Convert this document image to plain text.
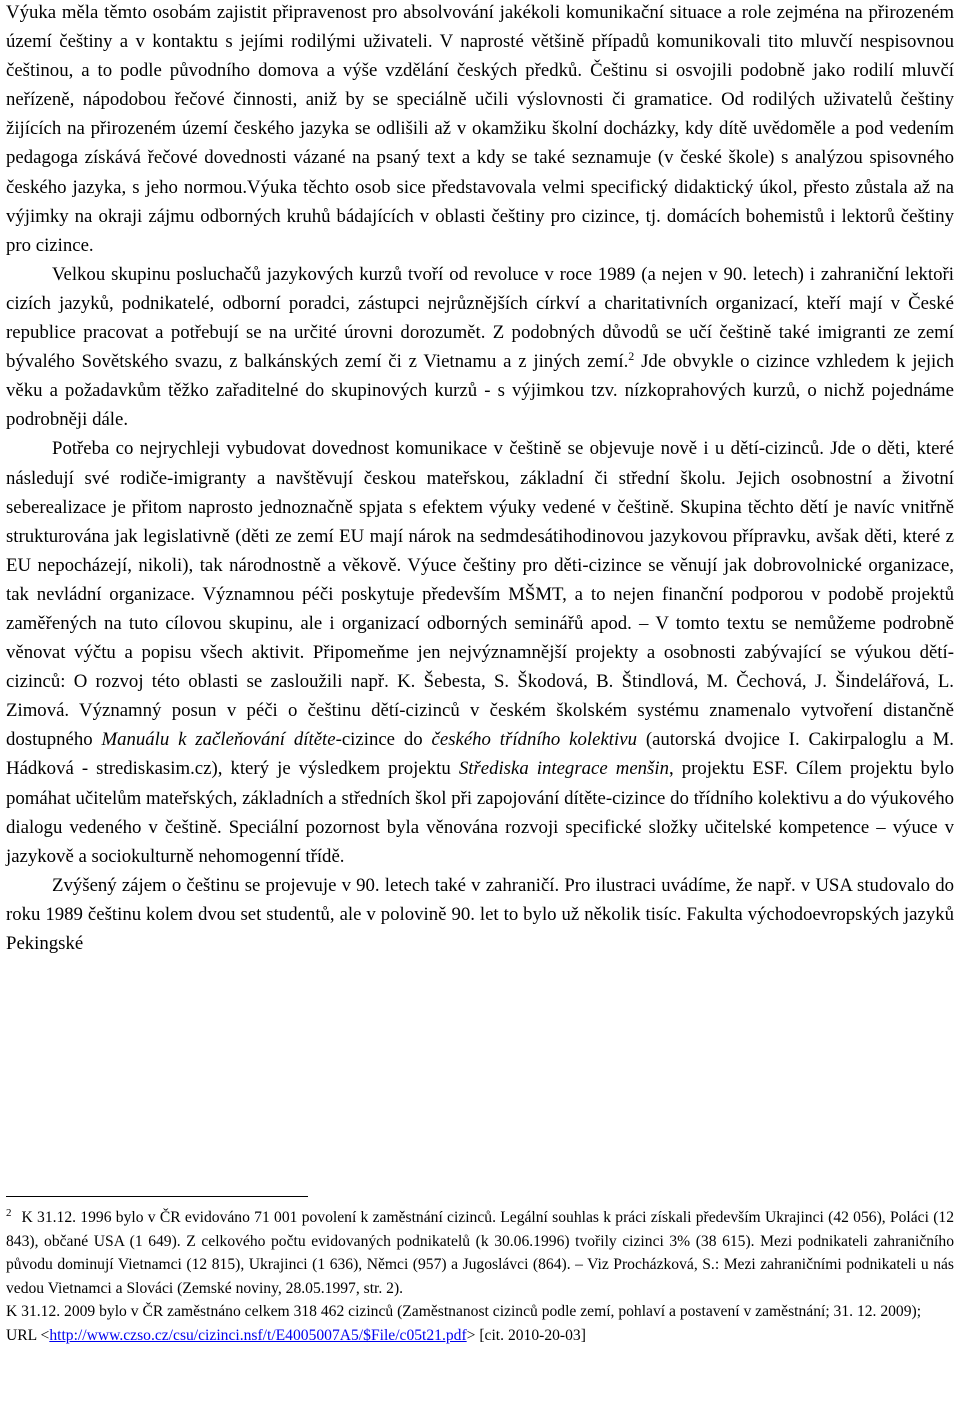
Výuka měla těmto osobám zajistit připravenost pro absolvování jakékoli komunikační situace a role zejména na přirozeném území češtiny a v kontaktu s jejími rodilými uživateli. V naprosté většině případů komunikovali tito mluvčí nespisovnou češtinou, a to podle původního domova a výše vzdělání českých předků. Češtinu si osvojili podobně jako rodilí mluvčí neřízeně, nápodobou řečové činnosti, aniž by se speciálně učili výslovnosti či gramatice. Od rodilých uživatelů češtiny žijících na přirozeném území českého jazyka se odlišili až v okamžiku školní docházky, kdy dítě uvědoměle a pod vedením pedagoga získává řečové dovednosti vázané na psaný text a kdy se také seznamuje (v české škole) s analýzou spisovného českého jazyka, s jeho normou.Výuka těchto osob sice představovala velmi specifický didaktický úkol, přesto zůstala až na výjimky na okraji zájmu odborných kruhů bádajících v oblasti češtiny pro cizince, tj. domácích bohemistů i lektorů češtiny pro cizince.

Velkou skupinu posluchačů jazykových kurzů tvoří od revoluce v roce 1989 (a nejen v 90. letech) i zahraniční lektoři cizích jazyků, podnikatelé, odborní poradci, zástupci nejrůznějších církví a charitativních organizací, kteří mají v České republice pracovat a potřebují se na určité úrovni dorozumět. Z podobných důvodů se učí češtině také imigranti ze zemí bývalého Sovětského svazu, z balkánských zemí či z Vietnamu a z jiných zemí.$^2$ Jde obvykle o cizince vzhledem k jejich věku a požadavkům těžko zařaditelné do skupinových kurzů - s výjimkou tzv. nízkoprahových kurzů, o nichž pojednáme podrobněji dále.

Potřeba co nejrychleji vybudovat dovednost komunikace v češtině se objevuje nově i u dětí-cizinců. Jde o děti, které následují své rodiče-imigranty a navštěvují českou mateřskou, základní či střední školu. Jejich osobnostní a životní seberealizace je přitom naprosto jednoznačně spjata s efektem výuky vedené v češtině. Skupina těchto dětí je navíc vnitřně strukturována jak legislativně (děti ze zemí EU mají nárok na sedmdesátihodinovou jazykovou přípravku, avšak děti, které z EU nepocházejí, nikoli), tak národnostně a věkově. Výuce češtiny pro děti-cizince se věnují jak dobrovolnické organizace, tak nevládní organizace. Významnou péči poskytuje především MŠMT, a to nejen finanční podporou v podobě projektů zaměřených na tuto cílovou skupinu, ale i organizací odborných seminářů apod. – V tomto textu se nemůžeme podrobně věnovat výčtu a popisu všech aktivit. Připomeňme jen nejvýznamnější projekty a osobnosti zabývající se výukou dětí-cizinců: O rozvoj této oblasti se zasloužili např. K. Šebesta, S. Škodová, B. Štindlová, M. Čechová, J. Šindelářová, L. Zimová. Významný posun v péči o češtinu dětí-cizinců v českém školském systému znamenalo vytvoření distančně dostupného Manuálu k začleňování dítěte-cizince do českého třídního kolektivu (autorská dvojice I. Cakirpaloglu a M. Hádková - strediskasim.cz), který je výsledkem projektu Střediska integrace menšin, projektu ESF. Cílem projektu bylo pomáhat učitelům mateřských, základních a středních škol při zapojování dítěte-cizince do třídního kolektivu a do výukového dialogu vedeného v češtině. Speciální pozornost byla věnována rozvoji specifické složky učitelské kompetence – výuce v jazykově a sociokulturně nehomogenní třídě.

Zvýšený zájem o češtinu se projevuje v 90. letech také v zahraničí. Pro ilustraci uvádíme, že např. v USA studovalo do roku 1989 češtinu kolem dvou set studentů, ale v polovině 90. let to bylo už několik tisíc. Fakulta východoevropských jazyků Pekingské

$^2$ K 31.12. 1996 bylo v ČR evidováno 71 001 povolení k zaměstnání cizinců. Legální souhlas k práci získali především Ukrajinci (42 056), Poláci (12 843), občané USA (1 649). Z celkového počtu evidovaných podnikatelů (k 30.06.1996) tvořily cizinci 3% (38 615). Mezi podnikateli zahraničního původu dominují Vietnamci (12 815), Ukrajinci (1 636), Němci (957) a Jugoslávci (864). – Viz Procházková, S.: Mezi zahraničními podnikateli u nás vedou Vietnamci a Slováci (Zemské noviny, 28.05.1997, str. 2).

K 31.12. 2009 bylo v ČR zaměstnáno celkem 318 462 cizinců (Zaměstnanost cizinců podle zemí, pohlaví a postavení v zaměstnání; 31. 12. 2009);

URL <http://www.czso.cz/csu/cizinci.nsf/t/E4005007A5/$File/c05t21.pdf> [cit. 2010-20-03]
